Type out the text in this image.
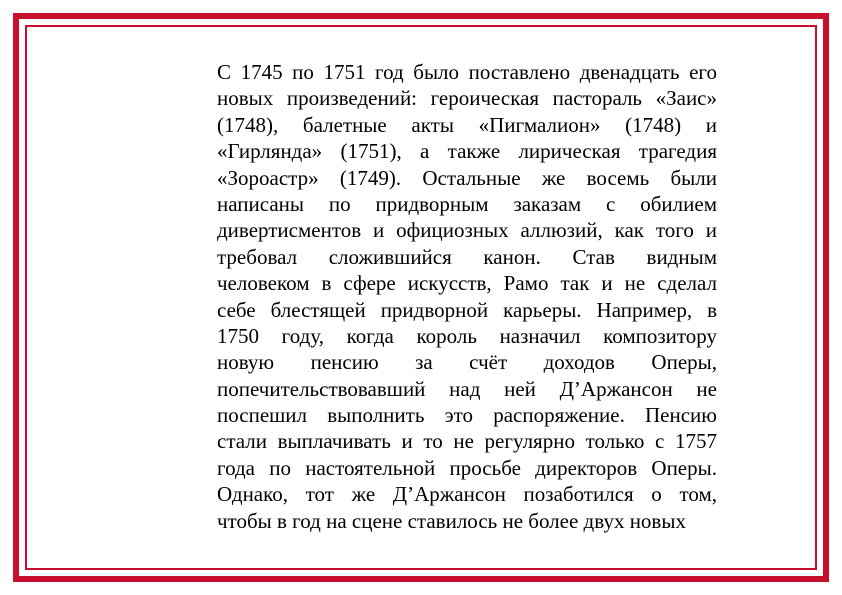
С 1745 по 1751 год было поставлено двенадцать его
новых произведений: героическая пастораль «Заис»
(1748), балетные акты «Пигмалион» (1748) и
«Гирлянда» (1751), а также лирическая трагедия
«Зороастр» (1749). Остальные же восемь были
написаны по придворным заказам с обилием
дивертисментов и официозных аллюзий, как того и
требовал сложившийся канон. Став видным
человеком в сфере искусств, Рамо так и не сделал
себе блестящей придворной карьеры. Например, в
1750 году, когда король назначил композитору
новую пенсию за счёт доходов Оперы,
попечительствовавший над ней Д’Аржансон не
поспешил выполнить это распоряжение. Пенсию
стали выплачивать и то не регулярно только с 1757
года по настоятельной просьбе директоров Оперы.
Однако, тот же Д’Аржансон позаботился о том,
чтобы в год на сцене ставилось не более двух новых
